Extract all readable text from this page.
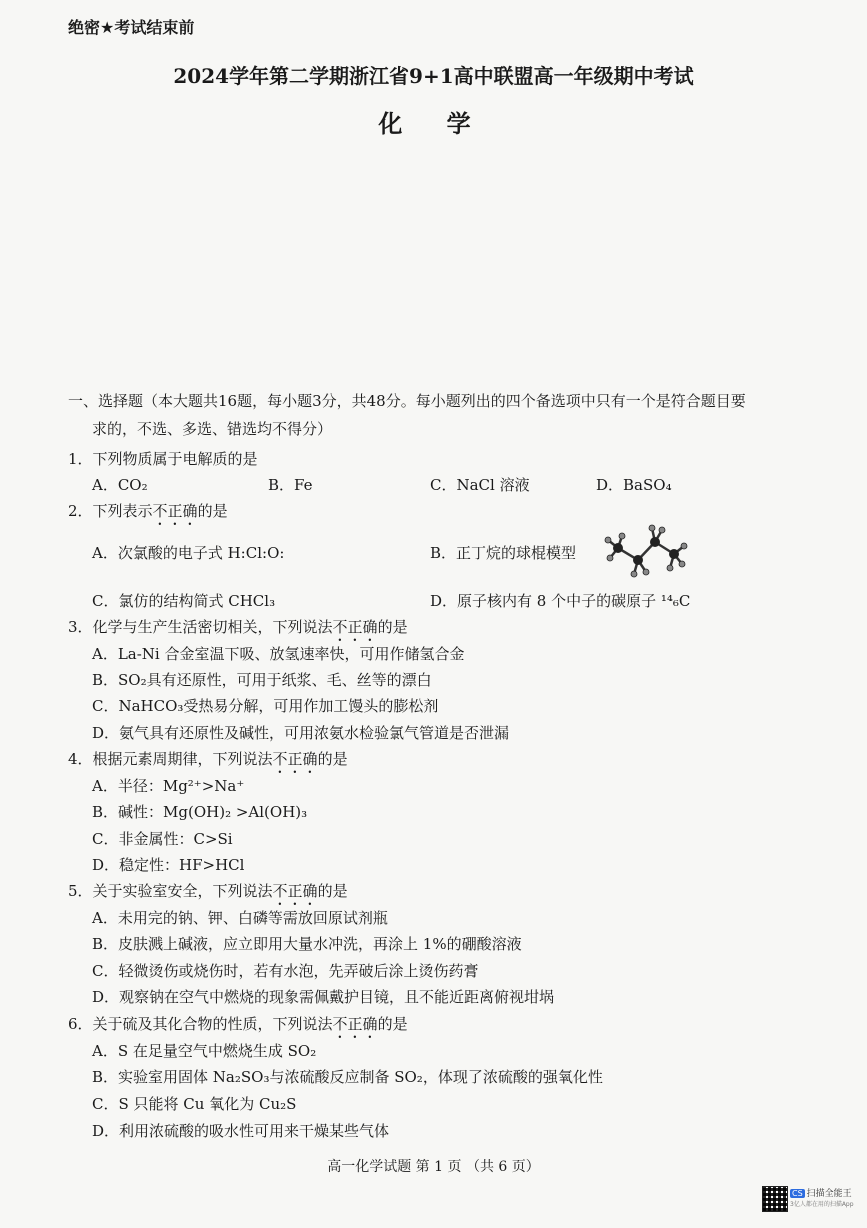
绝密★考试结束前
2024学年第二学期浙江省9+1高中联盟高一年级期中考试
化 学
一、选择题（本大题共16题，每小题3分，共48分。每小题列出的四个备选项中只有一个是符合题目要
求的，不选、多选、错选均不得分）
1．下列物质属于电解质的是
A．CO₂	B．Fe	C．NaCl 溶液	D．BaSO₄
2．下列表示不正确的是
A．次氯酸的电子式 H:Cl:O:	B．正丁烷的球棍模型
C．氯仿的结构简式 CHCl₃	D．原子核内有 8 个中子的碳原子 ¹⁴₆C
3．化学与生产生活密切相关，下列说法不正确的是
A．La-Ni 合金室温下吸、放氢速率快，可用作储氢合金
B．SO₂具有还原性，可用于纸浆、毛、丝等的漂白
C．NaHCO₃受热易分解，可用作加工馒头的膨松剂
D．氨气具有还原性及碱性，可用浓氨水检验氯气管道是否泄漏
4．根据元素周期律，下列说法不正确的是
A．半径：Mg²⁺>Na⁺
B．碱性：Mg(OH)₂ >Al(OH)₃
C．非金属性：C>Si
D．稳定性：HF>HCl
5．关于实验室安全，下列说法不正确的是
A．未用完的钠、钾、白磷等需放回原试剂瓶
B．皮肤溅上碱液，应立即用大量水冲洗，再涂上 1%的硼酸溶液
C．轻微烫伤或烧伤时，若有水泡，先弄破后涂上烫伤药膏
D．观察钠在空气中燃烧的现象需佩戴护目镜，且不能近距离俯视坩埚
6．关于硫及其化合物的性质，下列说法不正确的是
A．S 在足量空气中燃烧生成 SO₂
B．实验室用固体 Na₂SO₃与浓硫酸反应制备 SO₂，体现了浓硫酸的强氧化性
C．S 只能将 Cu 氧化为 Cu₂S
D．利用浓硫酸的吸水性可用来干燥某些气体
高一化学试题 第 1 页 （共 6 页）
CS 扫描全能王
3亿人都在用的扫描App
